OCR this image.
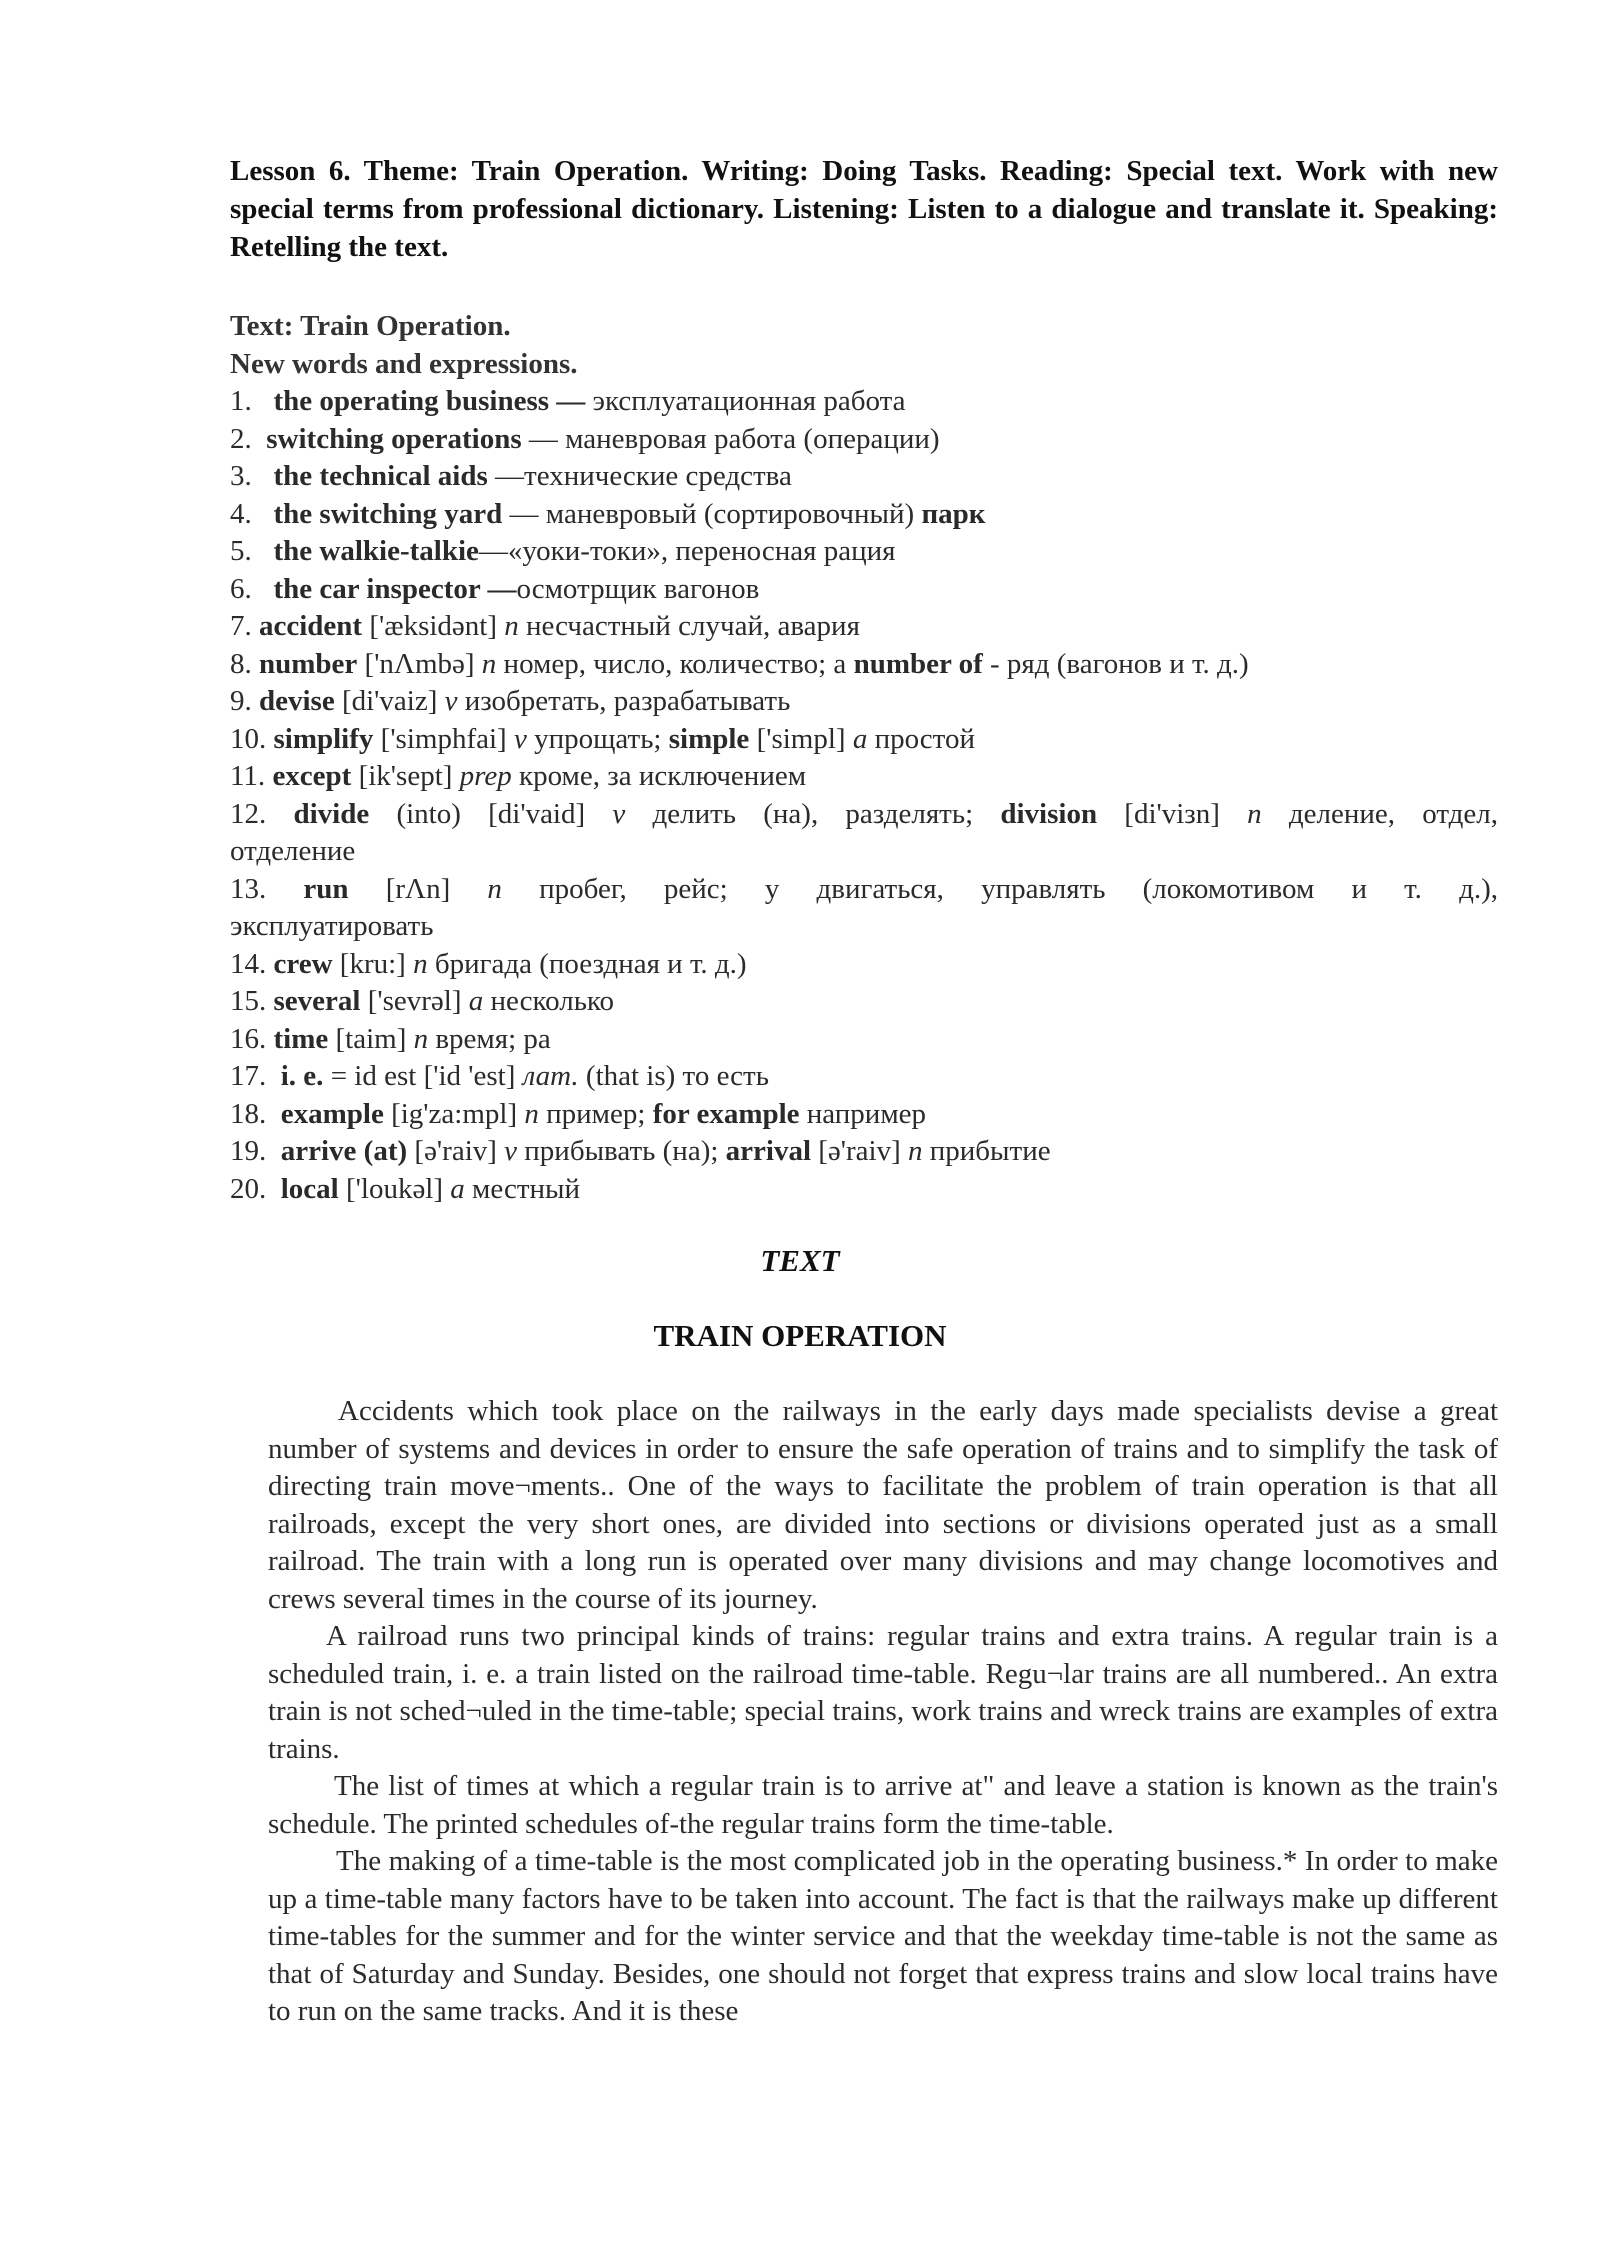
Lesson 6. Theme: Train Operation. Writing: Doing Tasks. Reading: Special text. Work with new special terms from professional dictionary. Listening: Listen to a dialogue and translate it. Speaking: Retelling the text.

Text: Train Operation.
New words and expressions.
1. the operating business — эксплуатационная работа
2. switching operations — маневровая работа (операции)
3. the technical aids —технические средства
4. the switching yard — маневровый (сортировочный) парк
5. the walkie-talkie—«уоки-токи», переносная рация
6. the car inspector —осмотрщик вагонов
7. accident ['æksidənt] n несчастный случай, авария
8. number ['nΛmbə] n номер, число, количество; а number of - ряд (вагонов и т. д.)
9. devise [di'vaiz] v изобретать, разрабатывать
10. simplify ['simphfai] v упрощать; simple ['simpl] a простой
11. except [ik'sept] prep кроме, за исключением
12. divide (into) [di'vaid] v делить (на), разделять; division [di'viзn] n деление, отдел,
отделение
13. run [rΛn] n пробег, рейс; у двигаться, управлять (локомотивом и т. д.),
эксплуатировать
14. crew [kru:] n бригада (поездная и т. д.)
15. several ['sevrəl] a несколько
16. time [taim] n время; ра
17. i. e. = id est ['id 'est] лат. (that is) то есть
18. example [ig'za:mpl] n пример; for example например
19. arrive (at) [ə'raiv] v прибывать (на); arrival [ə'raiv] n прибытие
20. local ['loukəl] a местный
TEXT
TRAIN OPERATION

Accidents which took place on the railways in the early days made specialists devise a great number of systems and devices in order to ensure the safe operation of trains and to simplify the task of directing train move¬ments.. One of the ways to facilitate the problem of train operation is that all railroads, except the very short ones, are divided into sections or divisions operated just as a small railroad. The train with a long run is operated over many divisions and may change locomotives and crews several times in the course of its journey.

A railroad runs two principal kinds of trains: regular trains and extra trains. A regular train is a scheduled train, i. e. a train listed on the railroad time-table. Regu¬lar trains are all numbered.. An extra train is not sched¬uled in the time-table; special trains, work trains and wreck trains are examples of extra trains.

The list of times at which a regular train is to arrive at" and leave a station is known as the train's schedule. The printed schedules of-the regular trains form the time-table.

The making of a time-table is the most complicated job in the operating business.* In order to make up a time-table many factors have to be taken into account. The fact is that the railways make up different time-tables for the summer and for the winter service and that the weekday time-table is not the same as that of Saturday and Sunday. Besides, one should not forget that express trains and slow local trains have to run on the same tracks. And it is these
